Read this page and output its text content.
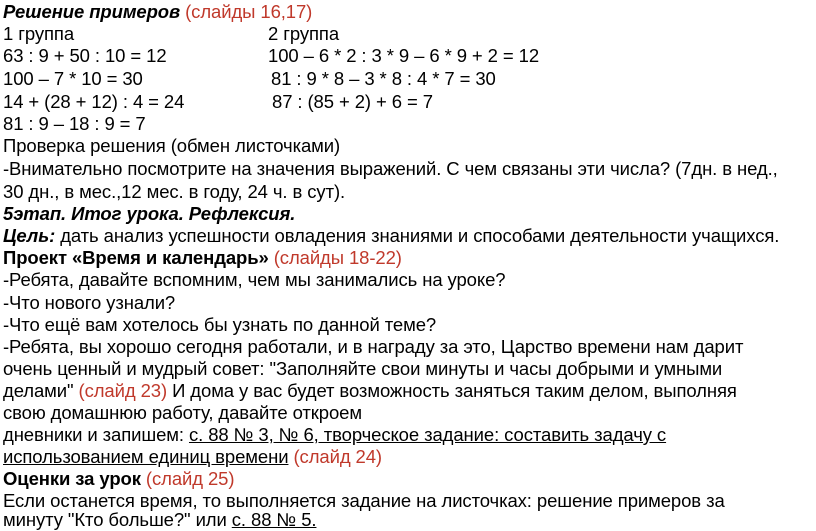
Решение примеров (слайды 16,17)
1 группа	2 группа
63 : 9 + 50 : 10 = 12	100 – 6 * 2 : 3 * 9 – 6 * 9 + 2 = 12
100 – 7 * 10 = 30	81 : 9 * 8 – 3 * 8 : 4 * 7 = 30
14 + (28 + 12) : 4 = 24	87 : (85 + 2) + 6 = 7
81 : 9 – 18 : 9 = 7
Проверка решения (обмен листочками)
-Внимательно посмотрите на значения выражений. С чем связаны эти числа? (7дн. в нед.,
30 дн., в мес.,12 мес. в году, 24 ч. в сут).
5этап. Итог урока. Рефлексия.
Цель: дать анализ успешности овладения знаниями и способами деятельности учащихся.
Проект «Время и календарь» (слайды 18-22)
-Ребята, давайте вспомним, чем мы занимались на уроке?
-Что нового узнали?
-Что ещё вам хотелось бы узнать по данной теме?
-Ребята, вы хорошо сегодня работали, и в награду за это, Царство времени нам дарит
очень ценный и мудрый совет: "Заполняйте свои минуты и часы добрыми и умными
делами" (слайд 23) И дома у вас будет возможность заняться таким делом, выполняя
свою домашнюю работу, давайте откроем
дневники и запишем: с. 88 № 3, № 6, творческое задание: составить задачу с
использованием единиц времени (слайд 24)
Оценки за урок (слайд 25)
Если останется время, то выполняется задание на листочках: решение примеров за
минуту "Кто больше?" или с. 88 № 5.
